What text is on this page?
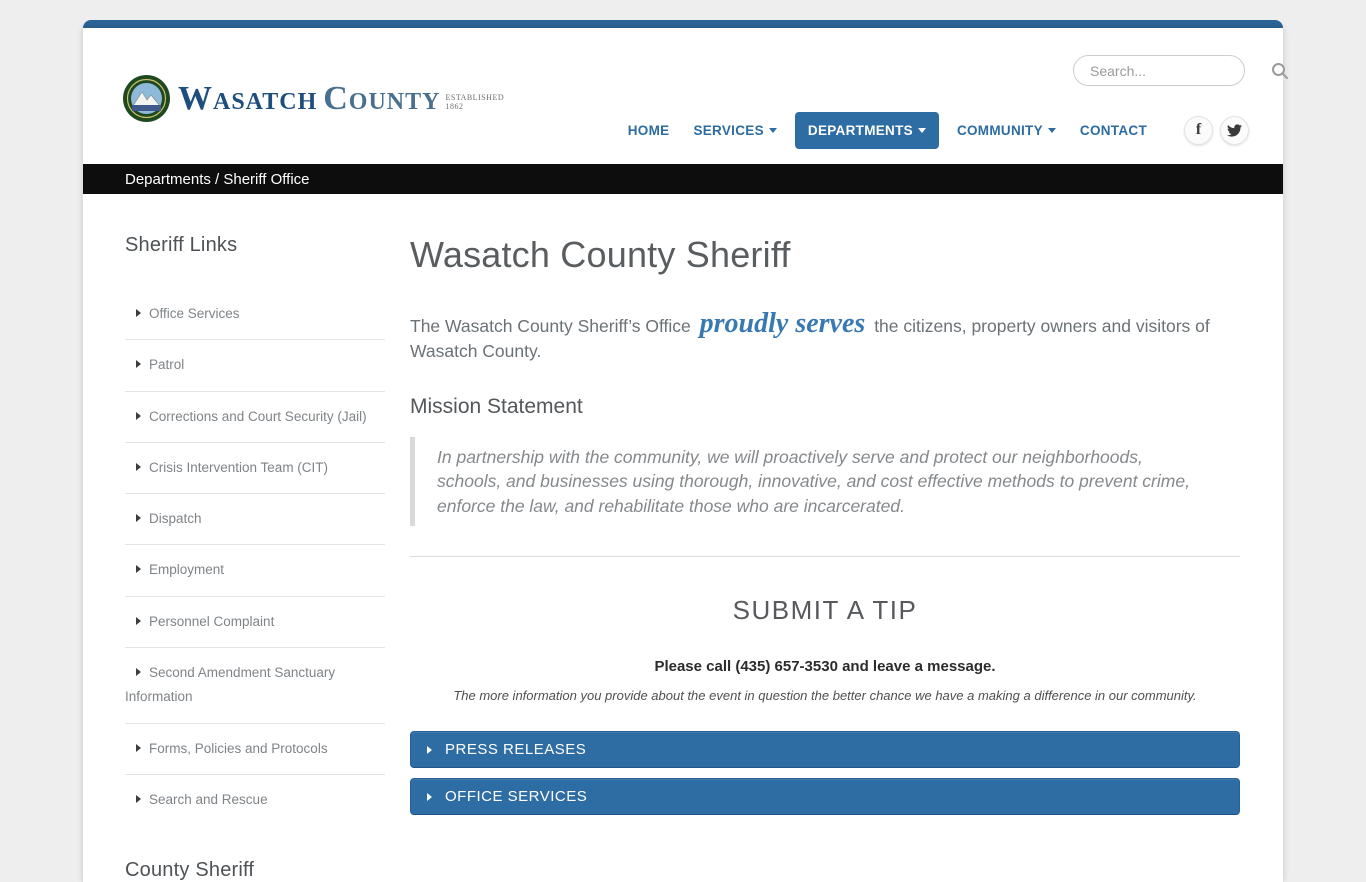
Wasatch County ESTABLISHED
1862
Search...
HOME SERVICES	DEPARTMENTS	COMMUNITY	CONTACT	f
Departments / Sheriff Office
Sheriff Links
Office Services
Patrol
Corrections and Court Security (Jail)
Crisis Intervention Team (CIT)
Dispatch
Employment
Personnel Complaint
Second Amendment Sanctuary Information
Forms, Policies and Protocols
Search and Rescue
County Sheriff
Wasatch County Sheriff

The Wasatch County Sheriff’s Office proudly serves the citizens, property owners and visitors of Wasatch County.

Mission Statement
In partnership with the community, we will proactively serve and protect our neighborhoods, schools, and businesses using thorough, innovative, and cost effective methods to prevent crime, enforce the law, and rehabilitate those who are incarcerated.
SUBMIT A TIP

Please call (435) 657-3530 and leave a message.

The more information you provide about the event in question the better chance we have a making a difference in our community.

PRESS RELEASES
OFFICE SERVICES
